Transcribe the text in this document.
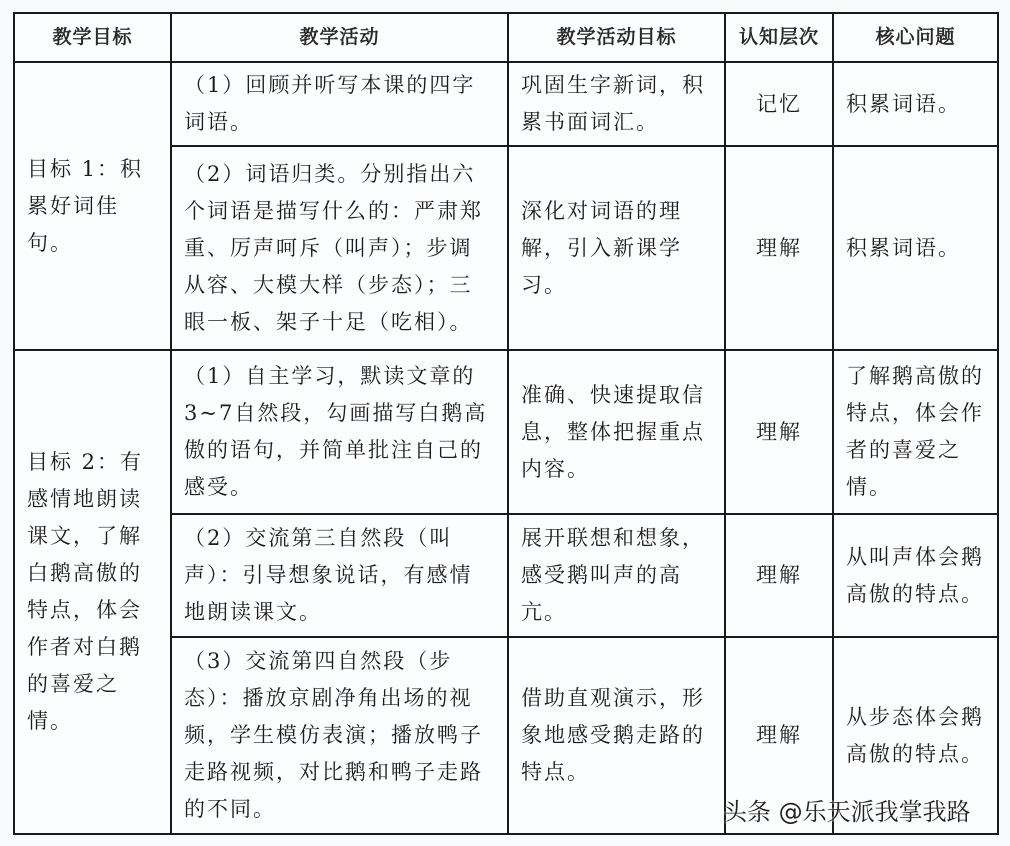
教学目标	教学活动	教学活动目标	认知层次	核心问题
目标 1：积累好词佳句。	（1）回顾并听写本课的四字词语。	巩固生字新词，积累书面词汇。	记忆	积累词语。
	（2）词语归类。分别指出六个词语是描写什么的：严肃郑重、厉声呵斥（叫声）；步调从容、大模大样（步态）；三眼一板、架子十足（吃相）。	深化对词语的理解，引入新课学习。	理解	积累词语。
目标 2：有感情地朗读课文，了解白鹅高傲的特点，体会作者对白鹅的喜爱之情。	（1）自主学习，默读文章的3~7自然段，勾画描写白鹅高傲的语句，并简单批注自己的感受。	准确、快速提取信息，整体把握重点内容。	理解	了解鹅高傲的特点，体会作者的喜爱之情。
	（2）交流第三自然段（叫声）：引导想象说话，有感情地朗读课文。	展开联想和想象，感受鹅叫声的高亢。	理解	从叫声体会鹅高傲的特点。
	（3）交流第四自然段（步态）：播放京剧净角出场的视频，学生模仿表演；播放鸭子走路视频，对比鹅和鸭子走路的不同。	借助直观演示，形象地感受鹅走路的特点。	理解	从步态体会鹅高傲的特点。
头条 @乐天派我掌我路
